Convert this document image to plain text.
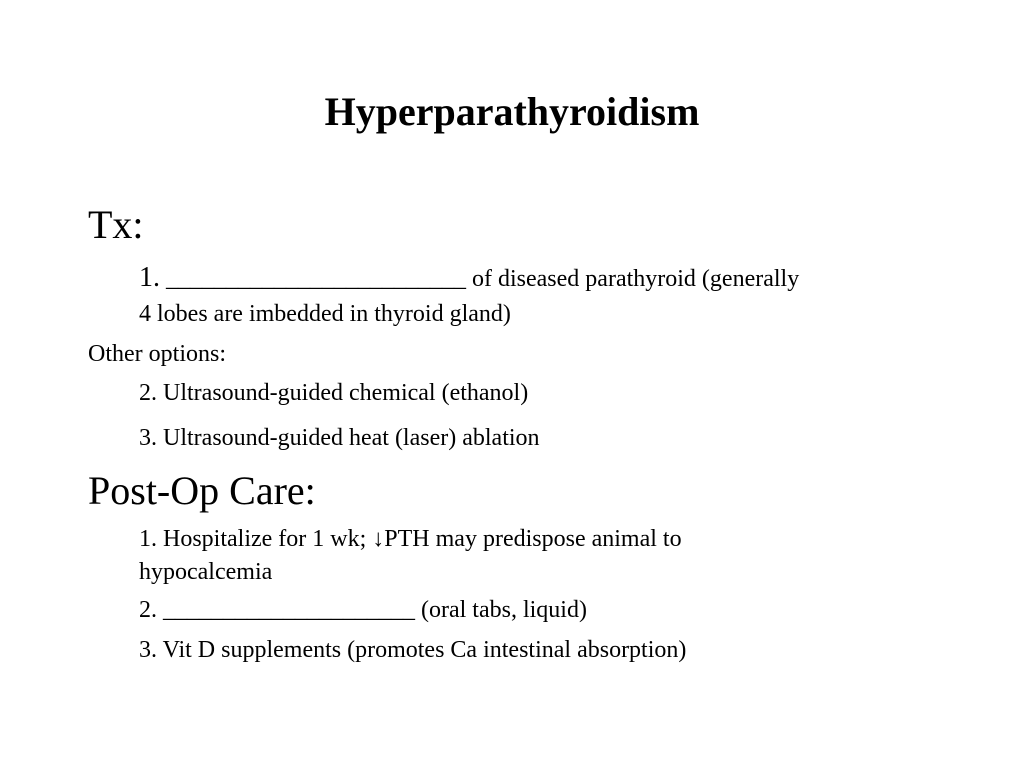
Hyperparathyroidism
Tx:
1. _________________________ of diseased parathyroid (generally
4 lobes are imbedded in thyroid gland)
Other options:
2. Ultrasound-guided chemical (ethanol)
3. Ultrasound-guided heat (laser) ablation
Post-Op Care:
1. Hospitalize for 1 wk; ↓PTH may predispose animal to
hypocalcemia
2. _____________________ (oral tabs, liquid)
3. Vit D supplements (promotes Ca intestinal absorption)
